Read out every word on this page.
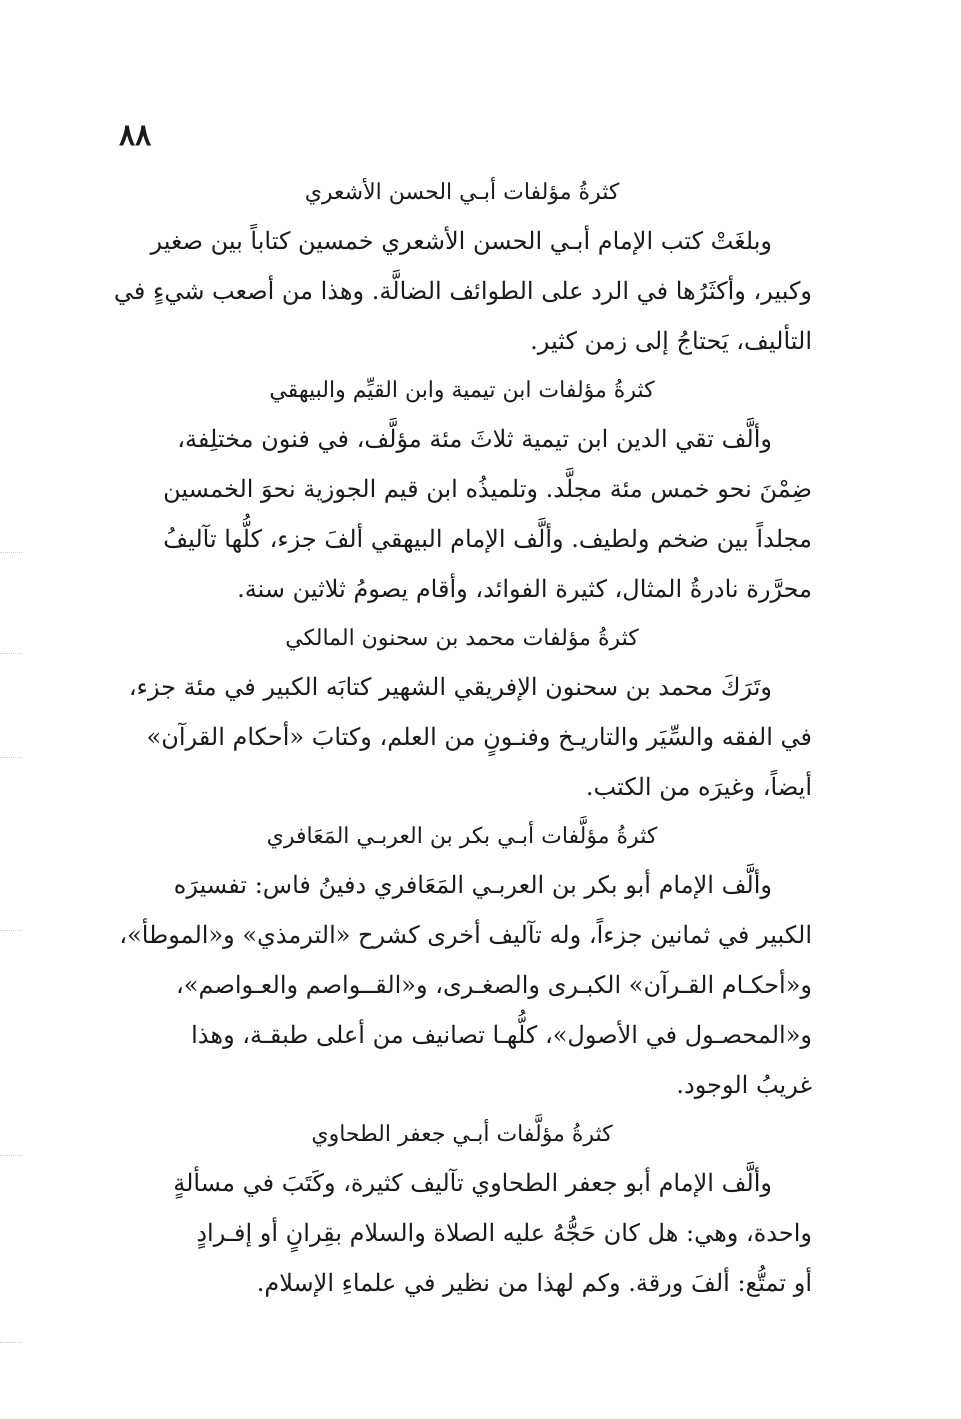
٨٨
كثرةُ مؤلفات أبـي الحسن الأشعري

وبلغَتْ كتب الإمام أبـي الحسن الأشعري خمسين كتاباً بين صغير

وكبير، وأكثَرُها في الرد على الطوائف الضالَّة. وهذا من أصعب شيءٍ في

التأليف، يَحتاجُ إلى زمن كثير.

كثرةُ مؤلفات ابن تيمية وابن القيِّم والبيهقي

وألَّف تقي الدين ابن تيمية ثلاثَ مئة مؤلَّف، في فنون مختلِفة،

ضِمْنَ نحو خمس مئة مجلَّد. وتلميذُه ابن قيم الجوزية نحوَ الخمسين

مجلداً بين ضخم ولطيف. وألَّف الإمام البيهقي ألفَ جزء، كلُّها تآليفُ

محرَّرة نادرةُ المثال، كثيرة الفوائد، وأقام يصومُ ثلاثين سنة.

كثرةُ مؤلفات محمد بن سحنون المالكي

وتَرَكَ محمد بن سحنون الإفريقي الشهير كتابَه الكبير في مئة جزء،

في الفقه والسِّيَر والتاريـخ وفنـونٍ من العلم، وكتابَ «أحكام القرآن»

أيضاً، وغيرَه من الكتب.

كثرةُ مؤلَّفات أبـي بكر بن العربـي المَعَافري

وألَّف الإمام أبو بكر بن العربـي المَعَافري دفينُ فاس: تفسيرَه

الكبير في ثمانين جزءاً، وله تآليف أخرى كشرح «الترمذي» و«الموطأ»،

و«أحكـام القـرآن» الكبـرى والصغـرى، و«القــواصم والعـواصم»،

و«المحصـول في الأصول»، كلُّهـا تصانيف من أعلى طبقـة، وهذا

غريبُ الوجود.

كثرةُ مؤلَّفات أبـي جعفر الطحاوي

وألَّف الإمام أبو جعفر الطحاوي تآليف كثيرة، وكَتَبَ في مسألةٍ

واحدة، وهي: هل كان حَجُّهُ عليه الصلاة والسلام بقِرانٍ أو إفـرادٍ

أو تمتُّع: ألفَ ورقة. وكم لهذا من نظير في علماءِ الإسلام.
